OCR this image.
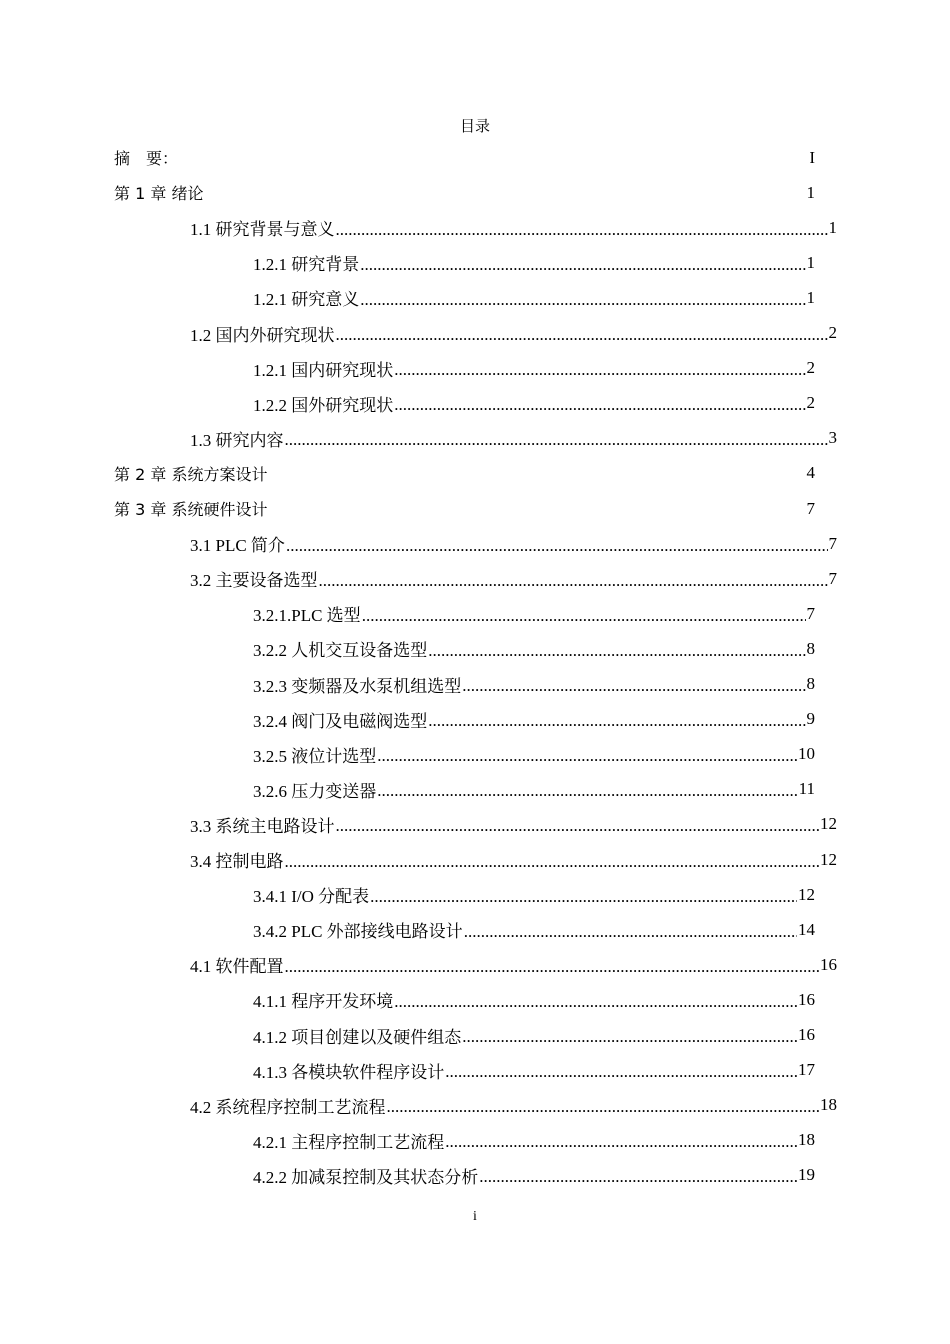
目录
摘　要：	I
第 1 章 绪论	1
1.1 研究背景与意义 .....	1
1.2.1 研究背景 .....	1
1.2.1 研究意义 .....	1
1.2 国内外研究现状 .....	2
1.2.1 国内研究现状 .....	2
1.2.2 国外研究现状 .....	2
1.3 研究内容 .....	3
第 2 章 系统方案设计	4
第 3 章 系统硬件设计	7
3.1 PLC 简介 .....	7
3.2 主要设备选型 .....	7
3.2.1.PLC 选型 .....	7
3.2.2 人机交互设备选型 .....	8
3.2.3 变频器及水泵机组选型 .....	8
3.2.4 阀门及电磁阀选型 .....	9
3.2.5 液位计选型 .....	10
3.2.6 压力变送器 .....	11
3.3 系统主电路设计 .....	12
3.4 控制电路 .....	12
3.4.1 I/O 分配表 .....	12
3.4.2 PLC 外部接线电路设计 .....	14
4.1 软件配置 .....	16
4.1.1 程序开发环境 .....	16
4.1.2 项目创建以及硬件组态 .....	16
4.1.3 各模块软件程序设计 .....	17
4.2 系统程序控制工艺流程 .....	18
4.2.1 主程序控制工艺流程 .....	18
4.2.2 加减泵控制及其状态分析 .....	19
i
